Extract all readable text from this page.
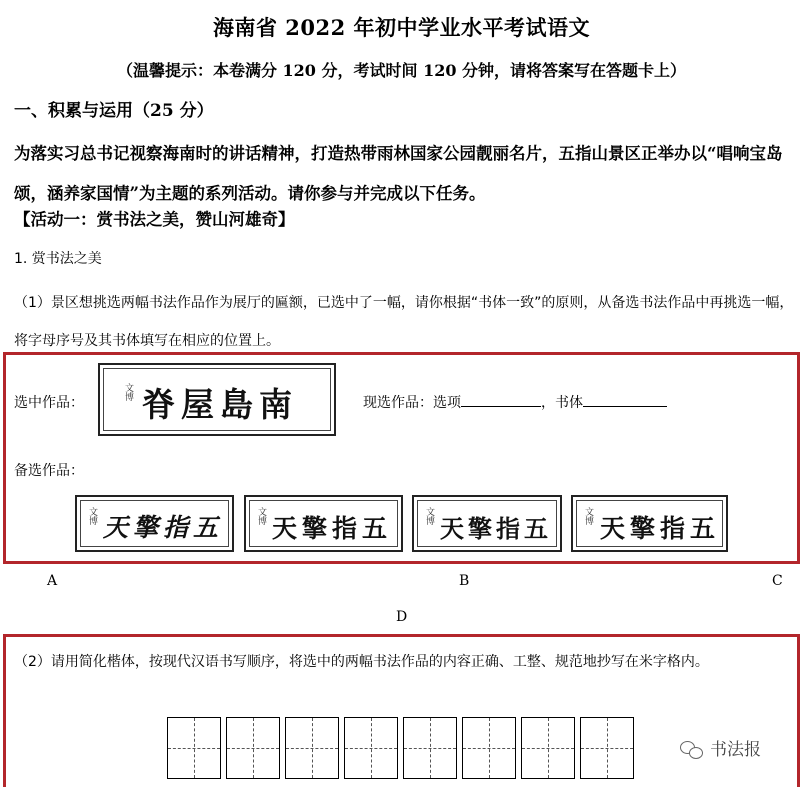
海南省 2022 年初中学业水平考试语文
（温馨提示：本卷满分 120 分，考试时间 120 分钟，请将答案写在答题卡上）
一、积累与运用（25 分）
为落实习总书记视察海南时的讲话精神，打造热带雨林国家公园靓丽名片，五指山景区正举办以“唱响宝岛颂，涵养家国情”为主题的系列活动。请你参与并完成以下任务。
【活动一：赏书法之美，赞山河雄奇】
1. 赏书法之美
（1）景区想挑选两幅书法作品作为展厅的匾额，已选中了一幅，请你根据“书体一致”的原则，从备选书法作品中再挑选一幅，将字母序号及其书体填写在相应的位置上。
选中作品：
文博 脊屋島南	现选作品：选项	，书体
备选作品：
文博 天擎指五	文博 天擎指五	文博 天擎指五	文博 天擎指五
A	B	C
D
（2）请用简化楷体，按现代汉语书写顺序，将选中的两幅书法作品的内容正确、工整、规范地抄写在米字格内。
书法报
